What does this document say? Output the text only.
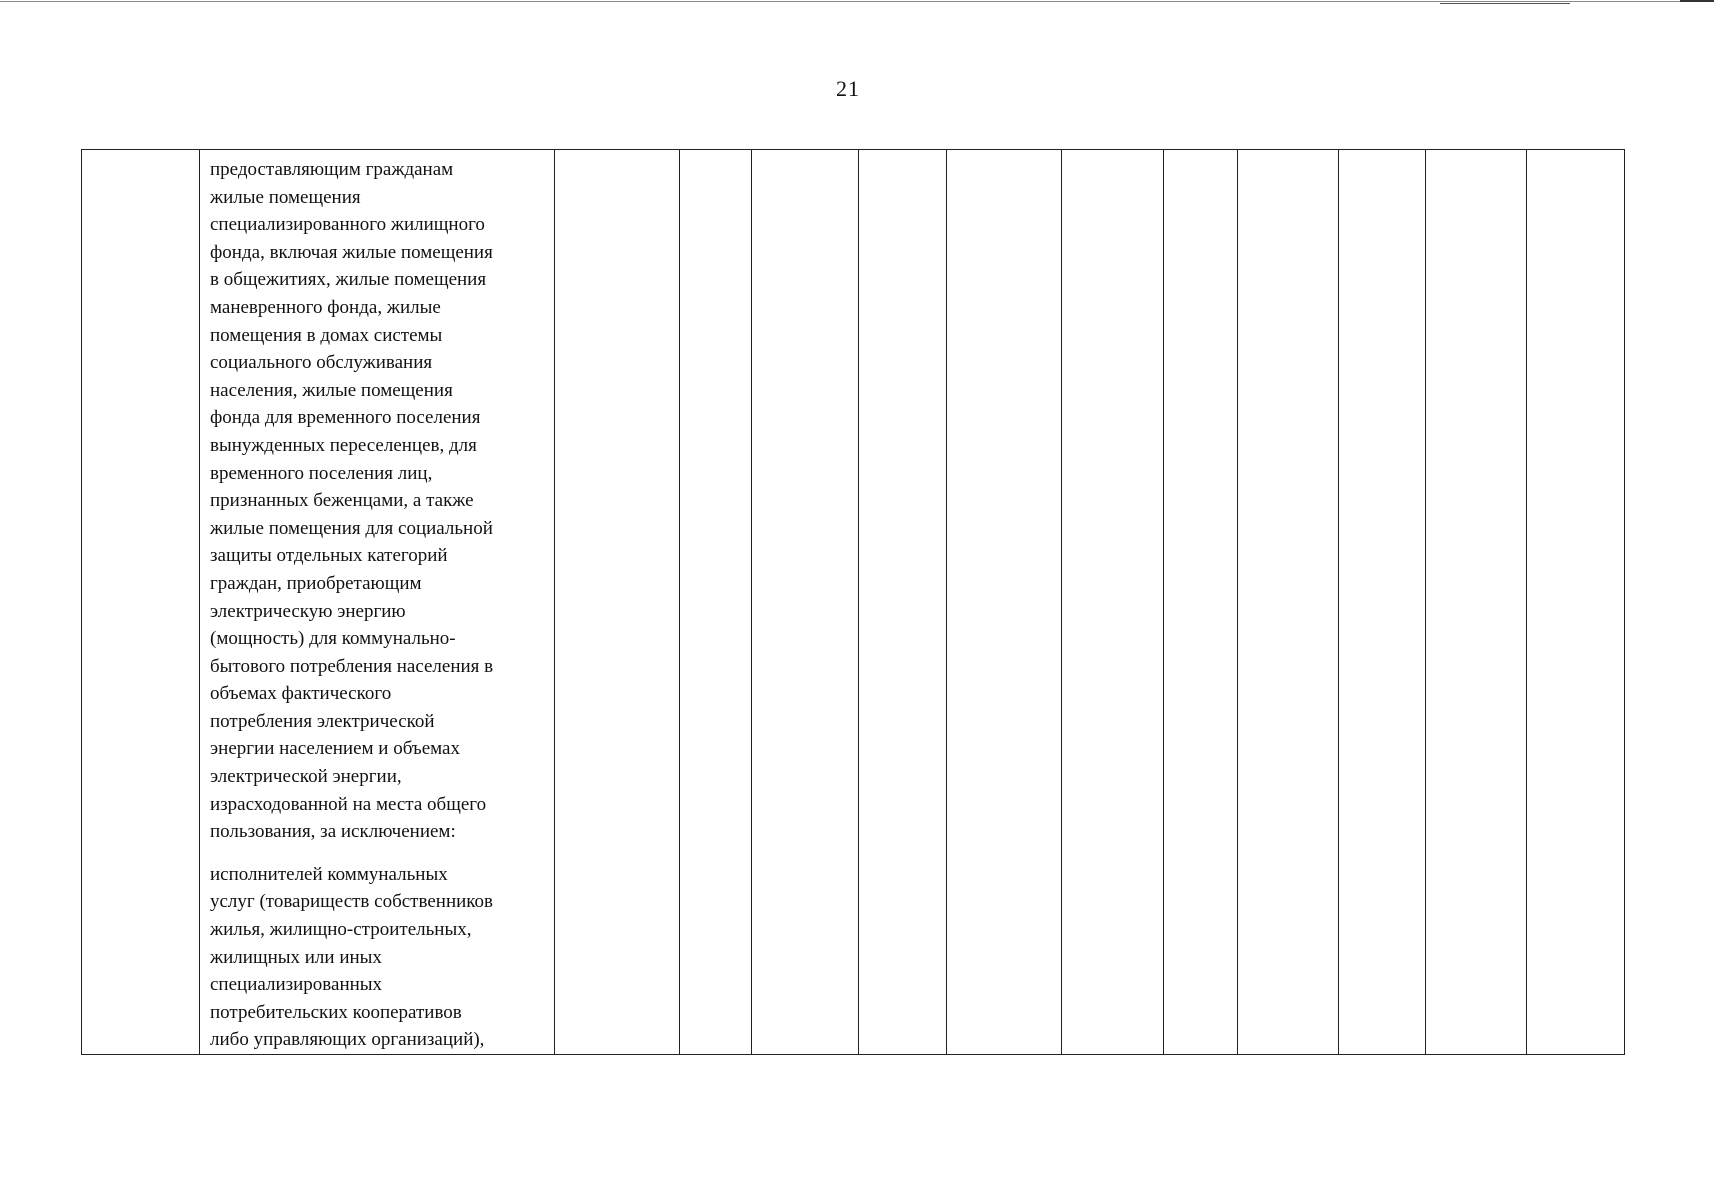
21

предоставляющим гражданам
жилые помещения
специализированного жилищного
фонда, включая жилые помещения
в общежитиях, жилые помещения
маневренного фонда, жилые
помещения в домах системы
социального обслуживания
населения, жилые помещения
фонда для временного поселения
вынужденных переселенцев, для
временного поселения лиц,
признанных беженцами, а также
жилые помещения для социальной
защиты отдельных категорий
граждан, приобретающим
электрическую энергию
(мощность) для коммунально-
бытового потребления населения в
объемах фактического
потребления электрической
энергии населением и объемах
электрической энергии,
израсходованной на места общего
пользования, за исключением:

исполнителей коммунальных
услуг (товариществ собственников
жилья, жилищно-строительных,
жилищных или иных
специализированных
потребительских кооперативов
либо управляющих организаций),
